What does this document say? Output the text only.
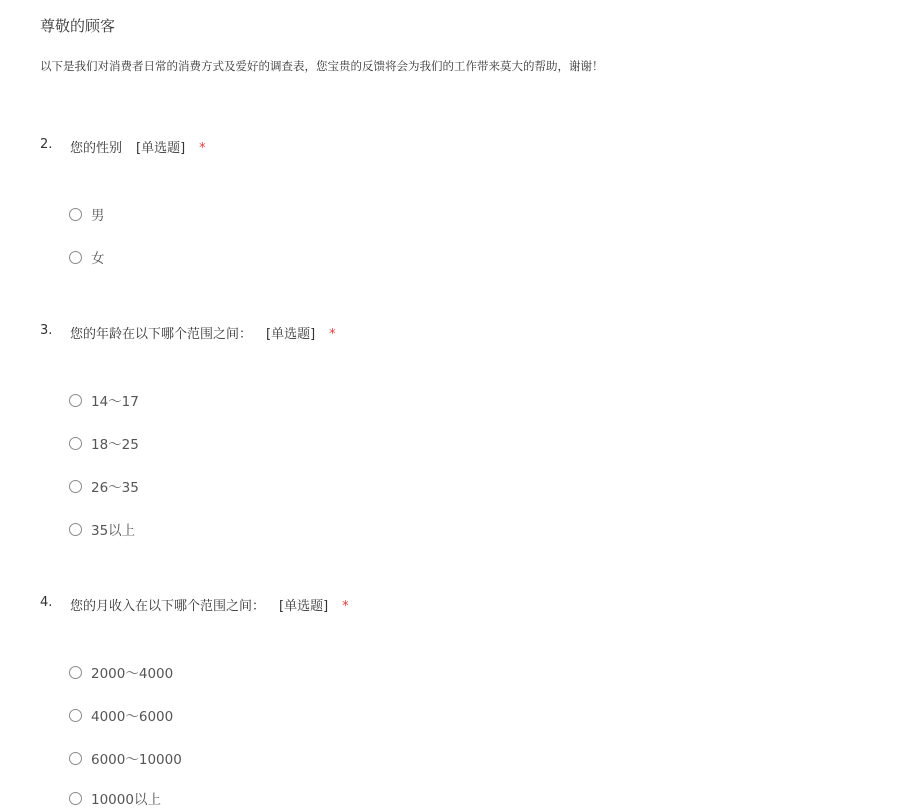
尊敬的顾客
以下是我们对消费者日常的消费方式及爱好的调查表，您宝贵的反馈将会为我们的工作带来莫大的帮助，谢谢！
2. 您的性别 [单选题] *
男
女
3. 您的年龄在以下哪个范围之间： [单选题] *
14～17
18～25
26～35
35以上
4. 您的月收入在以下哪个范围之间： [单选题] *
2000～4000
4000～6000
6000～10000
10000以上
